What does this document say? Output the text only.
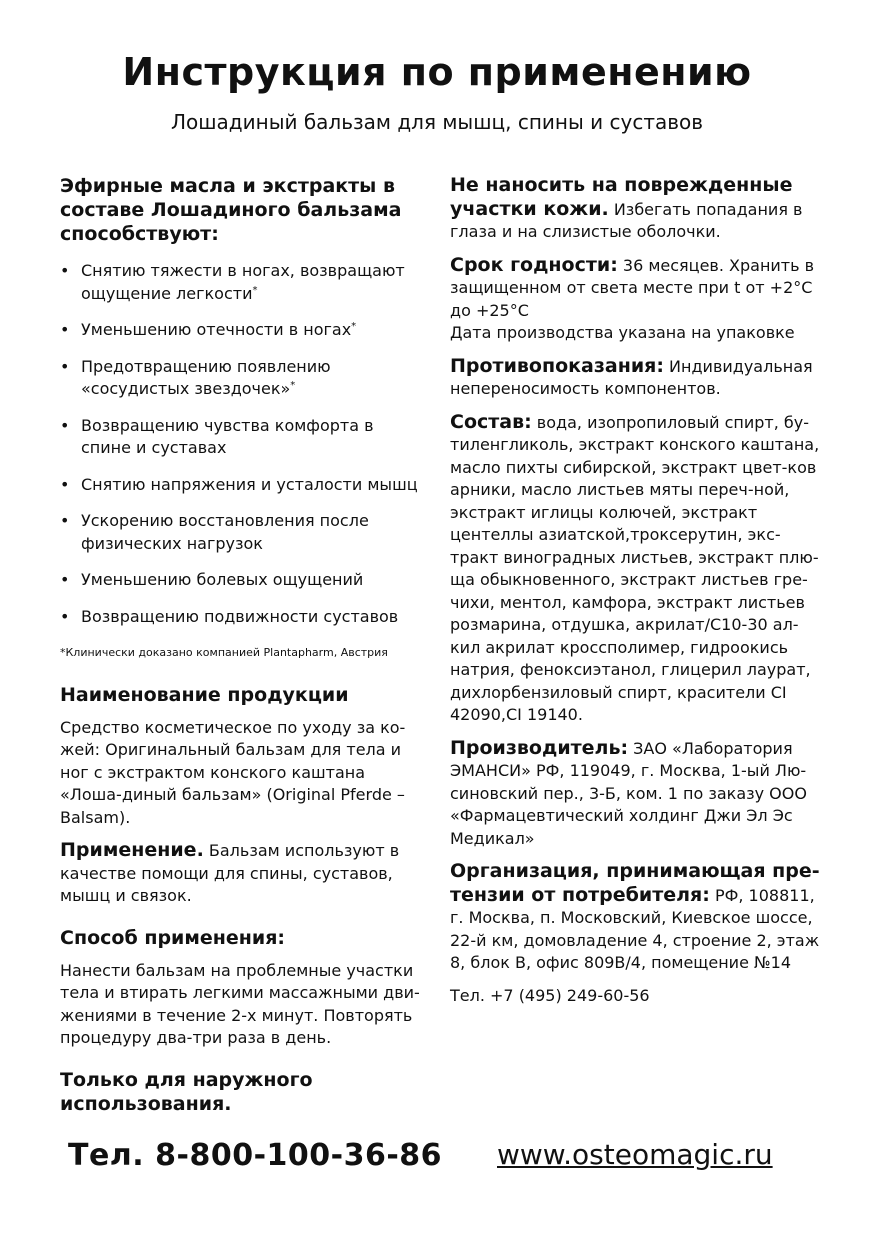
Инструкция по применению
Лошадиный бальзам для мышц, спины и суставов

Эфирные масла и экстракты в составе Лошадиного бальзама способствуют:

• Снятию тяжести в ногах, возвращают ощущение легкости*
• Уменьшению отечности в ногах*
• Предотвращению появлению «сосудистых звездочек»*
• Возвращению чувства комфорта в спине и суставах
• Снятию напряжения и усталости мышц
• Ускорению восстановления после физических нагрузок
• Уменьшению болевых ощущений
• Возвращению подвижности суставов

*Клинически доказано компанией Plantapharm, Австрия

Наименование продукции

Средство косметическое по уходу за ко-жей: Оригинальный бальзам для тела и ног с экстрактом конского каштана «Лоша-диный бальзам» (Original Pferde – Balsam).

Применение. Бальзам используют в качестве помощи для спины, суставов, мышц и связок.

Способ применения:

Нанести бальзам на проблемные участки тела и втирать легкими массажными дви-жениями в течение 2-х минут. Повторять процедуру два-три раза в день.

Только для наружного использования.

Не наносить на поврежденные участки кожи. Избегать попадания в глаза и на слизистые оболочки.

Срок годности: 36 месяцев. Хранить в защищенном от света месте при t от +2°С до +25°С

Дата производства указана на упаковке

Противопоказания: Индивидуальная непереносимость компонентов.

Состав: вода, изопропиловый спирт, бу-тиленгликоль, экстракт конского каштана, масло пихты сибирской, экстракт цвет-ков арники, масло листьев мяты переч-ной, экстракт иглицы колючей, экстракт центеллы азиатской,троксерутин, экс-тракт виноградных листьев, экстракт плю-ща обыкновенного, экстракт листьев гре-чихи, ментол, камфора, экстракт листьев розмарина, отдушка, акрилат/С10-30 ал-кил акрилат кроссполимер, гидроокись натрия, феноксиэтанол, глицерил лаурат, дихлорбензиловый спирт, красители CI 42090,CI 19140.

Производитель: ЗАО «Лаборатория ЭМАНСИ» РФ, 119049, г. Москва, 1-ый Лю-синовский пер., 3-Б, ком. 1 по заказу ООО «Фармацевтический холдинг Джи Эл Эс Медикал»

Организация, принимающая пре-тензии от потребителя: РФ, 108811, г. Москва, п. Московский, Киевское шоссе, 22-й км, домовладение 4, строение 2, этаж 8, блок В, офис 809В/4, помещение №14

Тел. +7 (495) 249-60-56

Тел. 8-800-100-36-86 www.osteomagic.ru
